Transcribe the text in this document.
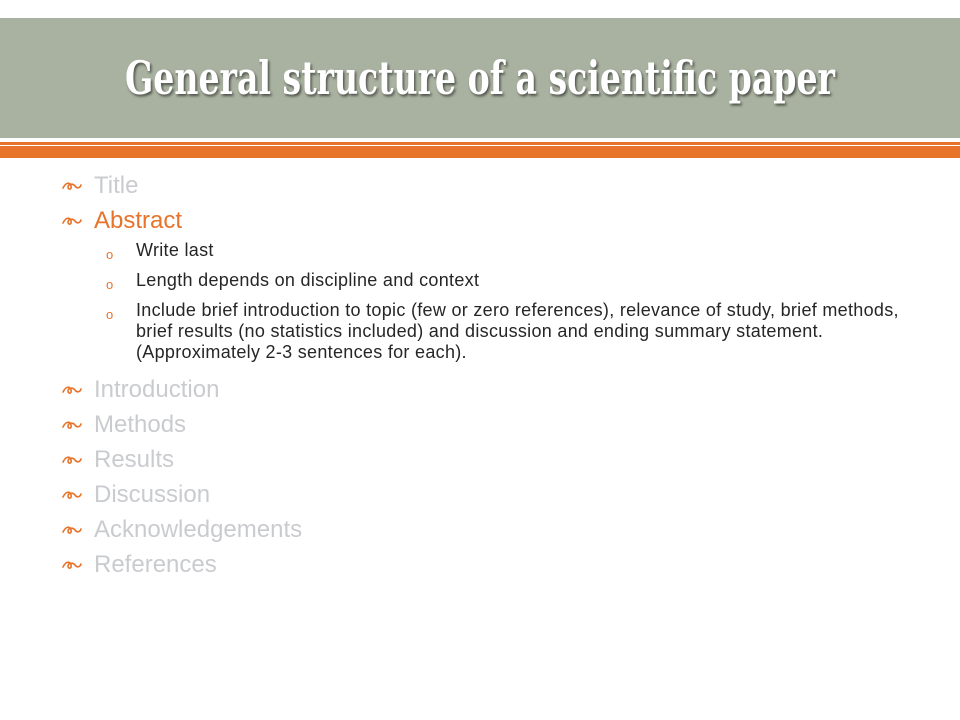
General structure of a scientific paper
Title
Abstract
o Write last
o Length depends on discipline and context
o Include brief introduction to topic (few or zero references), relevance of study, brief methods, brief results (no statistics included) and discussion and ending summary statement. (Approximately 2-3 sentences for each).
Introduction
Methods
Results
Discussion
Acknowledgements
References
